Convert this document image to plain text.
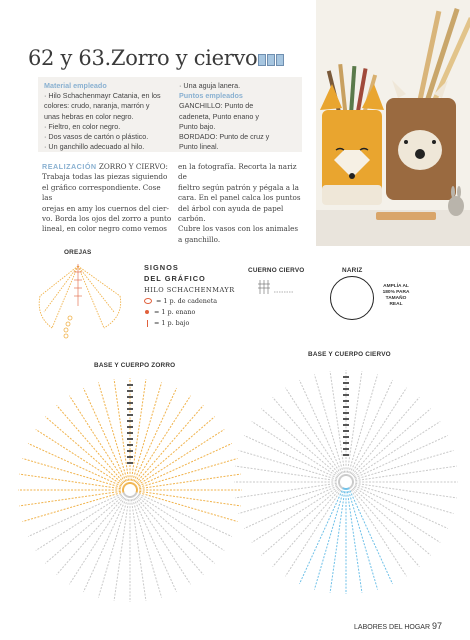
62 y 63.Zorro y ciervo
Material empleado
· Hilo Schachenmayr Catania, en los
colores: crudo, naranja, marrón y
unas hebras en color negro.
· Fieltro, en color negro.
· Dos vasos de cartón o plástico.
· Un ganchillo adecuado al hilo.
· Una aguja lanera.
Puntos empleados
GANCHILLO: Punto de
cadeneta, Punto enano y
Punto bajo.
BORDADO: Punto de cruz y
Punto lineal.
REALIZACIÓN ZORRO Y CIERVO:
Trabaja todas las piezas siguiendo
el gráfico correspondiente. Cose las
orejas en amy los cuernos del cier-
vo. Borda los ojos del zorro a punto
lineal, en color negro como vemos
en la fotografía. Recorta la nariz de
fieltro según patrón y pégala a la
cara. En el panel calca los puntos
del árbol con ayuda de papel carbón.
Cubre los vasos con los animales
a ganchillo.
OREJAS
SIGNOS
DEL GRÁFICO
HILO SCHACHENMAYR
= 1 p. de cadeneta
= 1 p. enano
= 1 p. bajo
CUERNO CIERVO	NARIZ
AMPLÍA AL
180% PARA
TAMAÑO
REAL
BASE Y CUERPO ZORRO
BASE Y CUERPO CIERVO
LABORES DEL HOGAR 97
